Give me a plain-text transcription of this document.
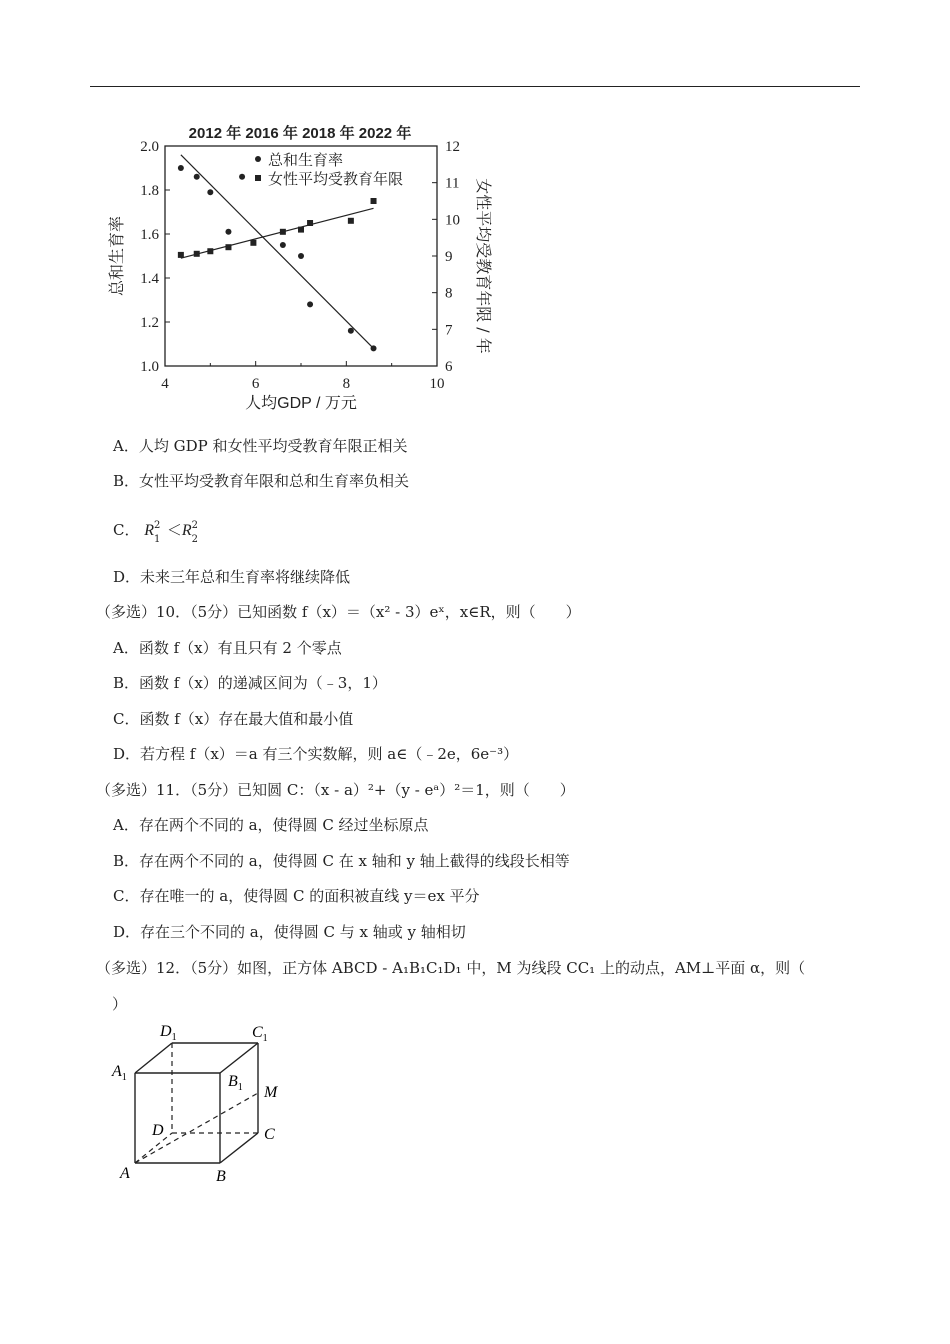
4	6	8	10
1.0
1.2
1.4
1.6
1.8
2.0
6
7
8
9
10
11
12
2012 年 2016 年 2018 年 2022 年
人均GDP / 万元
总和生育率	女性平均受教育年限 / 年
总和生育率
女性平均受教育年限
A．人均 GDP 和女性平均受教育年限正相关
B．女性平均受教育年限和总和生育率负相关
C． R 2
1
＜R 2
2
D．未来三年总和生育率将继续降低
（多选）10．（5分）已知函数 f（x）＝（x² ‑ 3）eˣ，x∈R，则（　　）
A．函数 f（x）有且只有 2 个零点
B．函数 f（x）的递减区间为（﹣3，1）
C．函数 f（x）存在最大值和最小值
D．若方程 f（x）＝a 有三个实数解，则 a∈（﹣2e，6e⁻³）
（多选）11．（5分）已知圆 C：（x ‑ a）²+（y ‑ eᵃ）²＝1，则（　　）
A．存在两个不同的 a，使得圆 C 经过坐标原点
B．存在两个不同的 a，使得圆 C 在 x 轴和 y 轴上截得的线段长相等
C．存在唯一的 a，使得圆 C 的面积被直线 y＝ex 平分
D．存在三个不同的 a，使得圆 C 与 x 轴或 y 轴相切
（多选）12．（5分）如图，正方体 ABCD ‑ A₁B₁C₁D₁ 中，M 为线段 CC₁ 上的动点，AM⊥平面 α，则（
）
A	B
C
D
$A_1$	$B_1$
$C_1$
$D_1$
M
